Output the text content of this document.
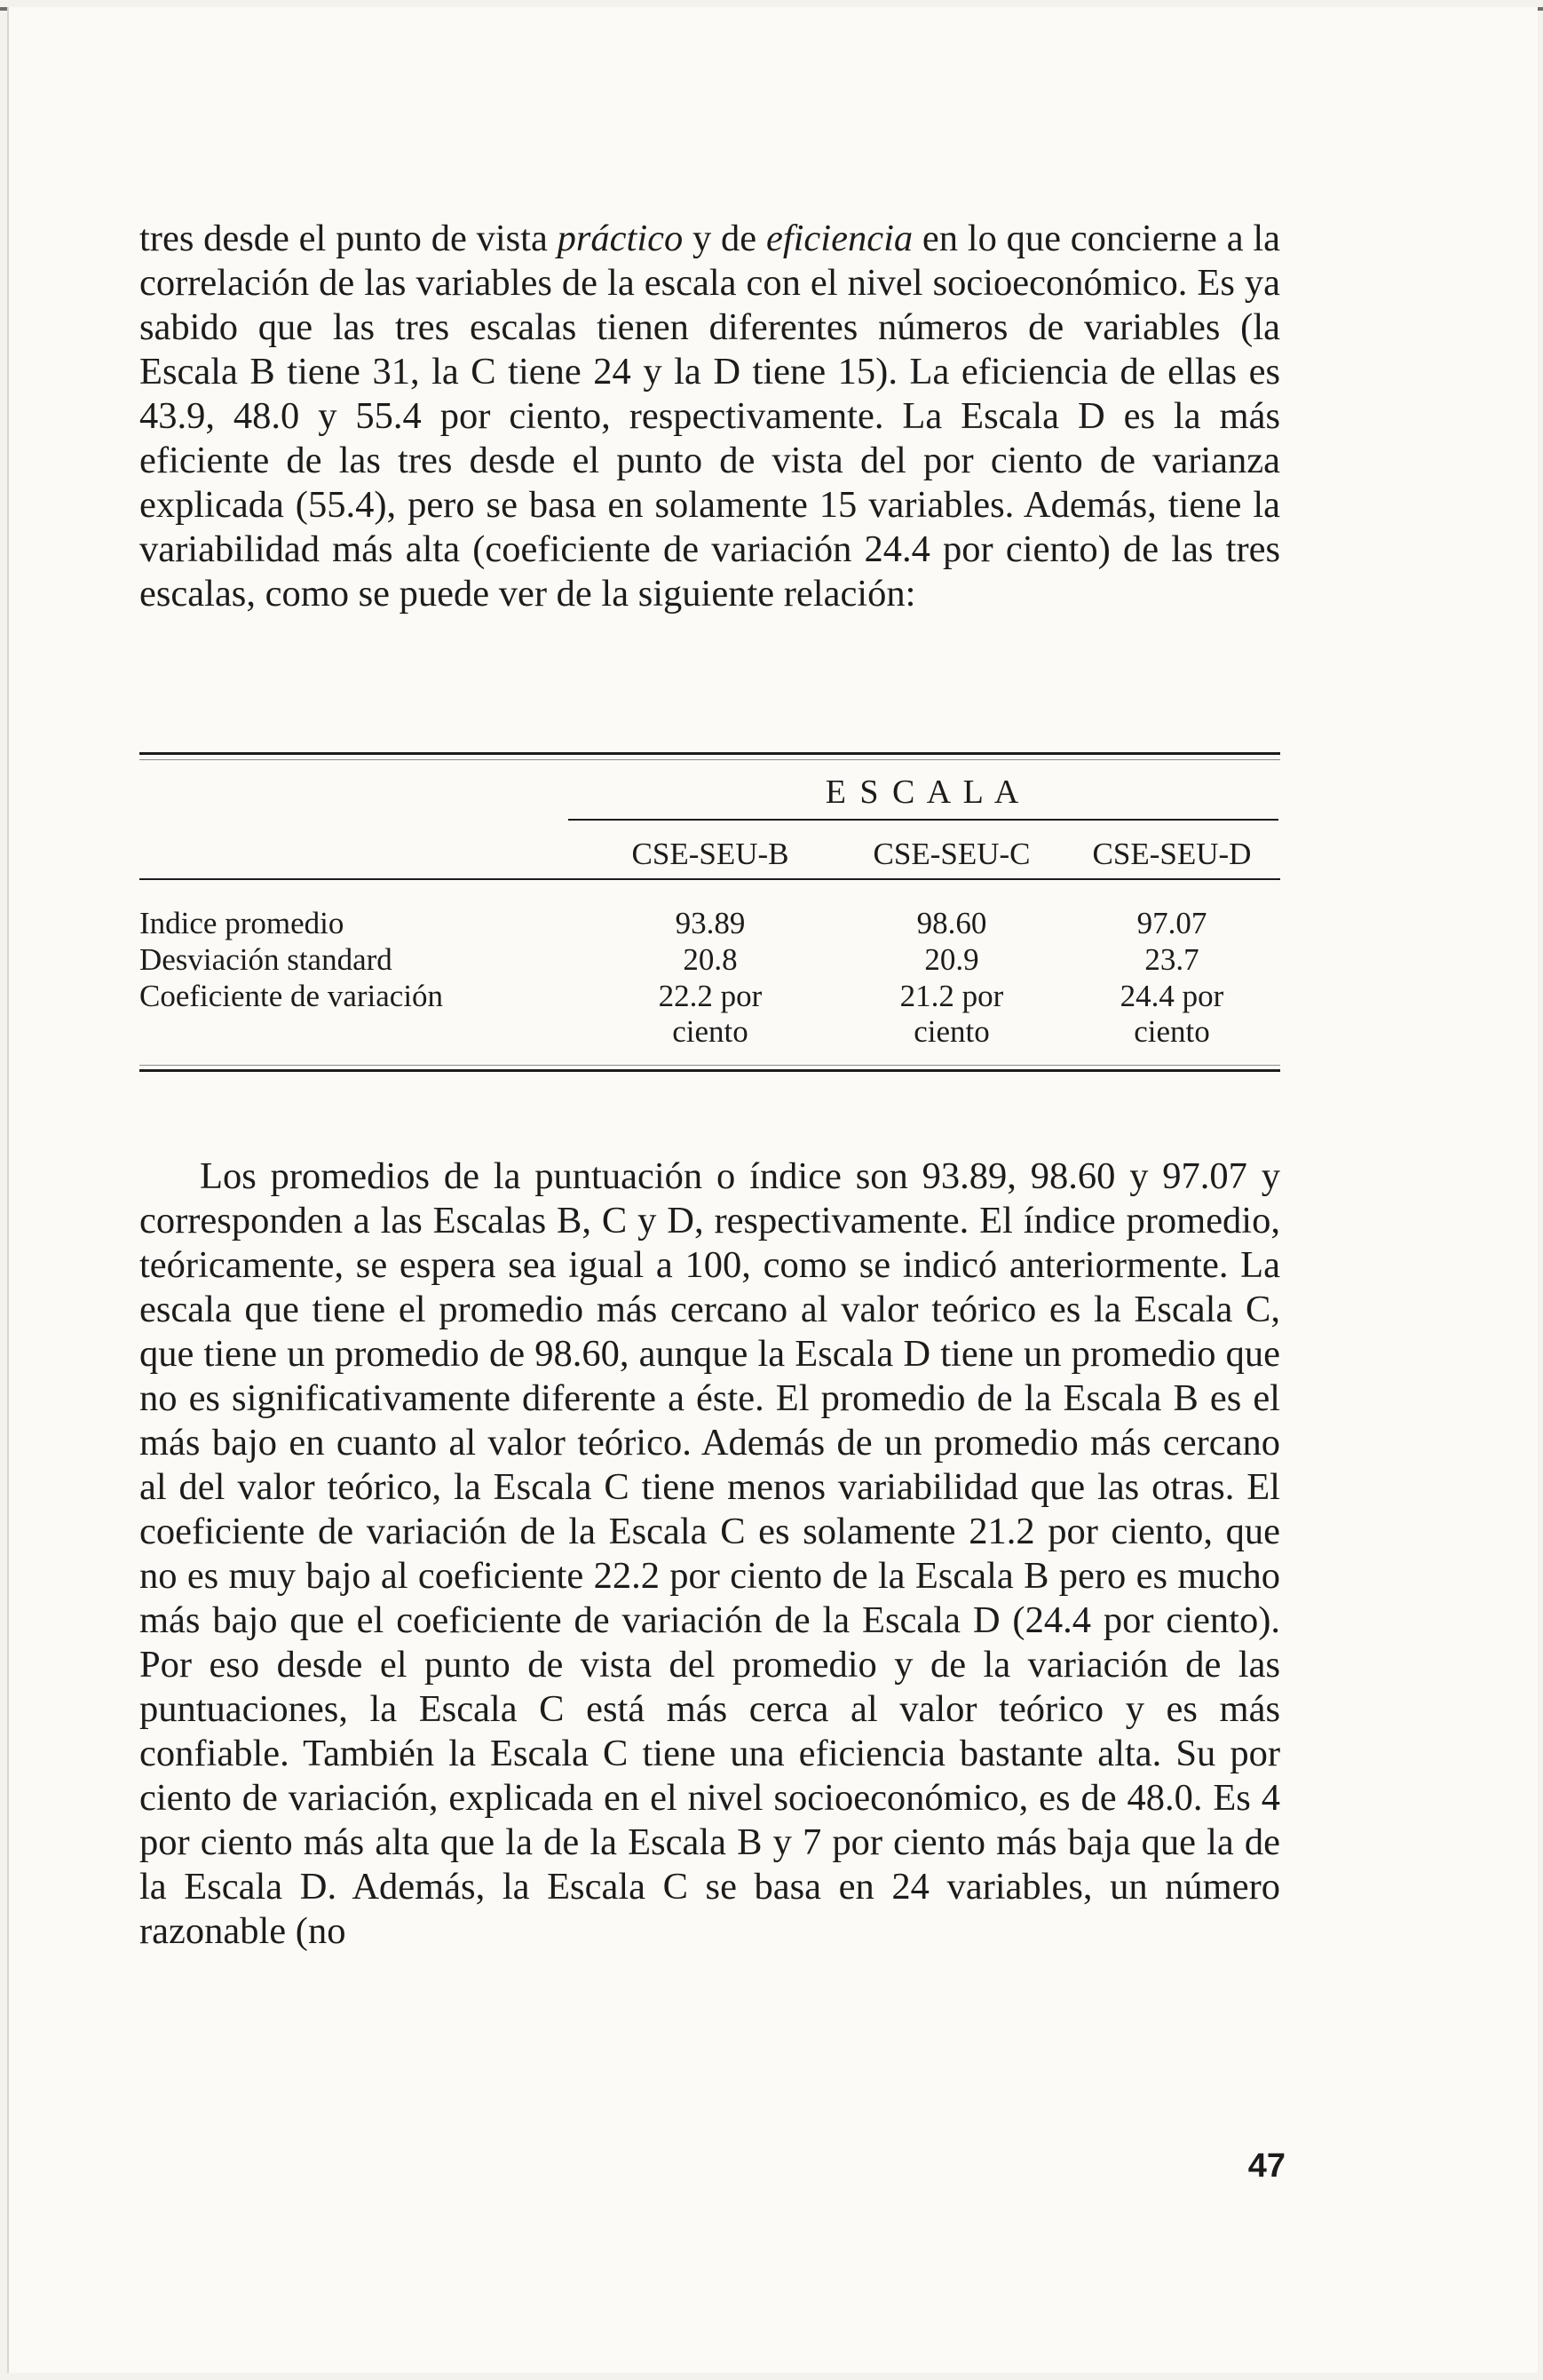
tres desde el punto de vista práctico y de eficiencia en lo que concierne a la correlación de las variables de la escala con el nivel socioeconómico. Es ya sabido que las tres escalas tienen diferentes números de variables (la Escala B tiene 31, la C tiene 24 y la D tiene 15). La eficiencia de ellas es 43.9, 48.0 y 55.4 por ciento, respectivamente. La Escala D es la más eficiente de las tres desde el punto de vista del por ciento de varianza explicada (55.4), pero se basa en solamente 15 variables. Además, tiene la variabilidad más alta (coeficiente de variación 24.4 por ciento) de las tres escalas, como se puede ver de la siguiente relación:

E S C A L A
CSE-SEU-B	CSE-SEU-C	CSE-SEU-D
Indice promedio	93.89	98.60	97.07
Desviación standard	20.8	20.9	23.7
Coeficiente de variación	22.2 por	21.2 por	24.4 por
ciento	ciento	ciento

Los promedios de la puntuación o índice son 93.89, 98.60 y 97.07 y corresponden a las Escalas B, C y D, respectivamente. El índice promedio, teóricamente, se espera sea igual a 100, como se indicó anteriormente. La escala que tiene el promedio más cercano al valor teórico es la Escala C, que tiene un promedio de 98.60, aunque la Escala D tiene un promedio que no es significativamente diferente a éste. El promedio de la Escala B es el más bajo en cuanto al valor teórico. Además de un promedio más cercano al del valor teórico, la Escala C tiene menos variabilidad que las otras. El coeficiente de variación de la Escala C es solamente 21.2 por ciento, que no es muy bajo al coeficiente 22.2 por ciento de la Escala B pero es mucho más bajo que el coeficiente de variación de la Escala D (24.4 por ciento). Por eso desde el punto de vista del promedio y de la variación de las puntuaciones, la Escala C está más cerca al valor teórico y es más confiable. También la Escala C tiene una eficiencia bastante alta. Su por ciento de variación, explicada en el nivel socioeconómico, es de 48.0. Es 4 por ciento más alta que la de la Escala B y 7 por ciento más baja que la de la Escala D. Además, la Escala C se basa en 24 variables, un número razonable (no

47
